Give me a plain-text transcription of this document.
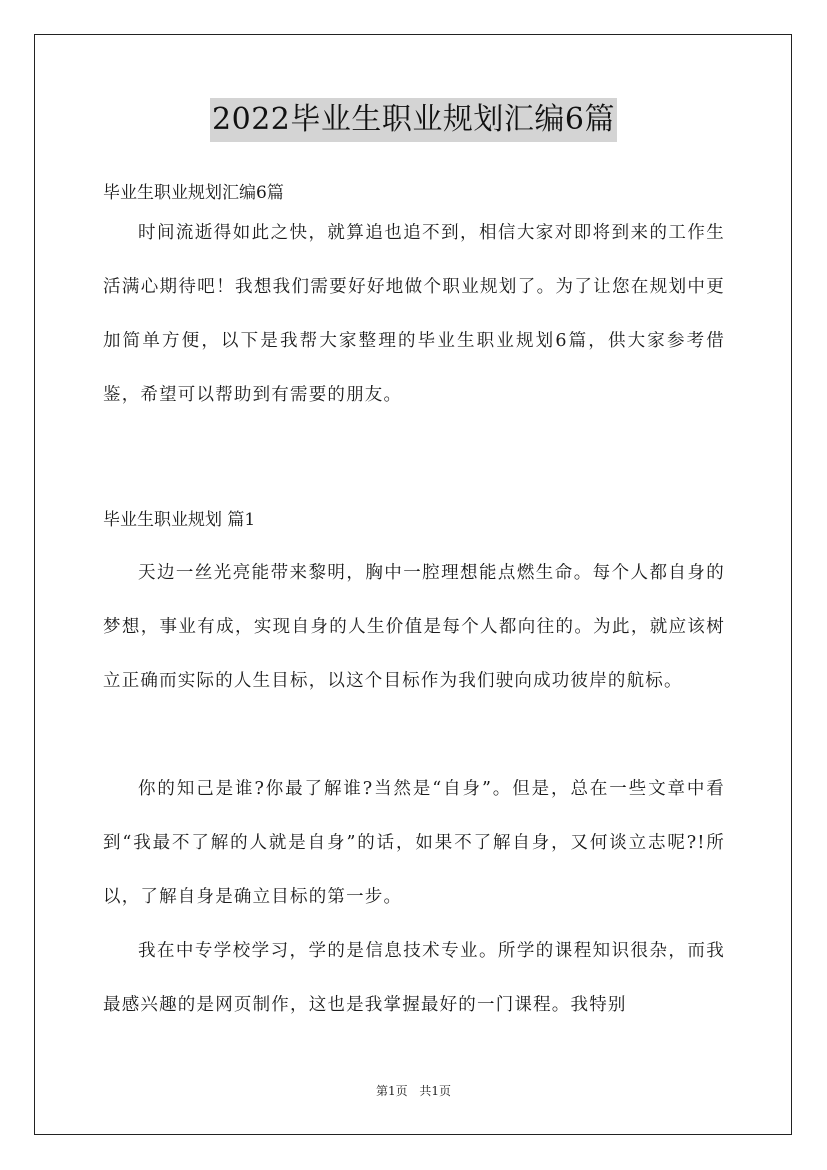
2022毕业生职业规划汇编6篇
毕业生职业规划汇编6篇

时间流逝得如此之快，就算追也追不到，相信大家对即将到来的工作生活满心期待吧！我想我们需要好好地做个职业规划了。为了让您在规划中更加简单方便，以下是我帮大家整理的毕业生职业规划6篇，供大家参考借鉴，希望可以帮助到有需要的朋友。

毕业生职业规划 篇1

天边一丝光亮能带来黎明，胸中一腔理想能点燃生命。每个人都自身的梦想，事业有成，实现自身的人生价值是每个人都向往的。为此，就应该树立正确而实际的人生目标，以这个目标作为我们驶向成功彼岸的航标。

你的知己是谁?你最了解谁?当然是“自身”。但是，总在一些文章中看到“我最不了解的人就是自身”的话，如果不了解自身，又何谈立志呢?!所以，了解自身是确立目标的第一步。

我在中专学校学习，学的是信息技术专业。所学的课程知识很杂，而我最感兴趣的是网页制作，这也是我掌握最好的一门课程。我特别

第1页 共1页
